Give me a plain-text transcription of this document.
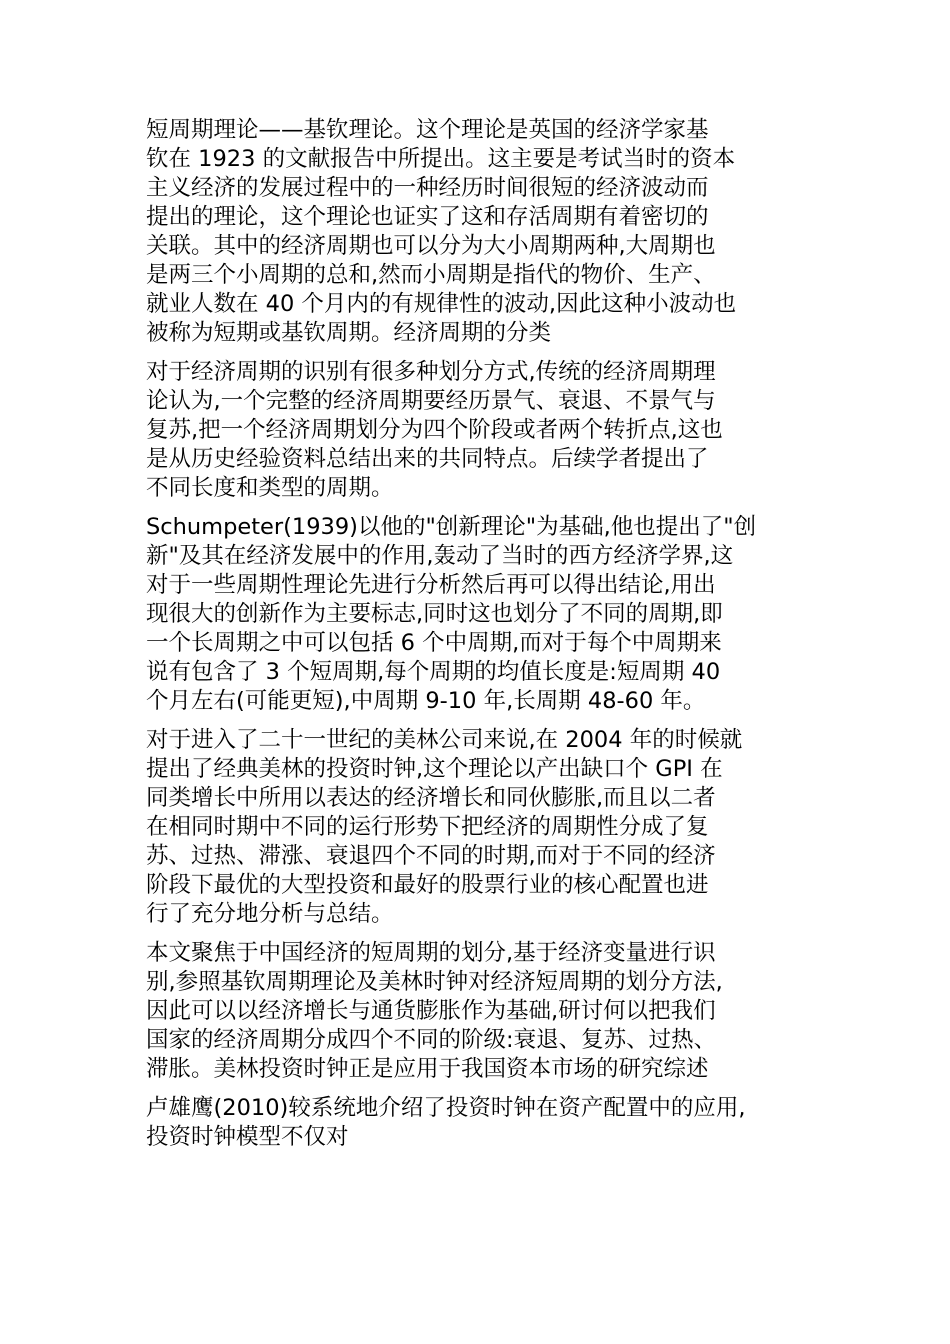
短周期理论——基钦理论。这个理论是英国的经济学家基
钦在 1923 的文献报告中所提出。这主要是考试当时的资本
主义经济的发展过程中的一种经历时间很短的经济波动而
提出的理论，这个理论也证实了这和存活周期有着密切的
关联。其中的经济周期也可以分为大小周期两种,大周期也
是两三个小周期的总和,然而小周期是指代的物价、生产、
就业人数在 40 个月内的有规律性的波动,因此这种小波动也
被称为短期或基钦周期。经济周期的分类

对于经济周期的识别有很多种划分方式,传统的经济周期理
论认为,一个完整的经济周期要经历景气、衰退、不景气与
复苏,把一个经济周期划分为四个阶段或者两个转折点,这也
是从历史经验资料总结出来的共同特点。后续学者提出了
不同长度和类型的周期。

Schumpeter(1939)以他的"创新理论"为基础,他也提出了"创
新"及其在经济发展中的作用,轰动了当时的西方经济学界,这
对于一些周期性理论先进行分析然后再可以得出结论,用出
现很大的创新作为主要标志,同时这也划分了不同的周期,即
一个长周期之中可以包括 6 个中周期,而对于每个中周期来
说有包含了 3 个短周期,每个周期的均值长度是:短周期 40
个月左右(可能更短),中周期 9-10 年,长周期 48-60 年。

对于进入了二十一世纪的美林公司来说,在 2004 年的时候就
提出了经典美林的投资时钟,这个理论以产出缺口个 GPI 在
同类增长中所用以表达的经济增长和同伙膨胀,而且以二者
在相同时期中不同的运行形势下把经济的周期性分成了复
苏、过热、滞涨、衰退四个不同的时期,而对于不同的经济
阶段下最优的大型投资和最好的股票行业的核心配置也进
行了充分地分析与总结。

本文聚焦于中国经济的短周期的划分,基于经济变量进行识
别,参照基钦周期理论及美林时钟对经济短周期的划分方法,
因此可以以经济增长与通货膨胀作为基础,研讨何以把我们
国家的经济周期分成四个不同的阶级:衰退、复苏、过热、
滞胀。美林投资时钟正是应用于我国资本市场的研究综述

卢雄鹰(2010)较系统地介绍了投资时钟在资产配置中的应用,
投资时钟模型不仅对
